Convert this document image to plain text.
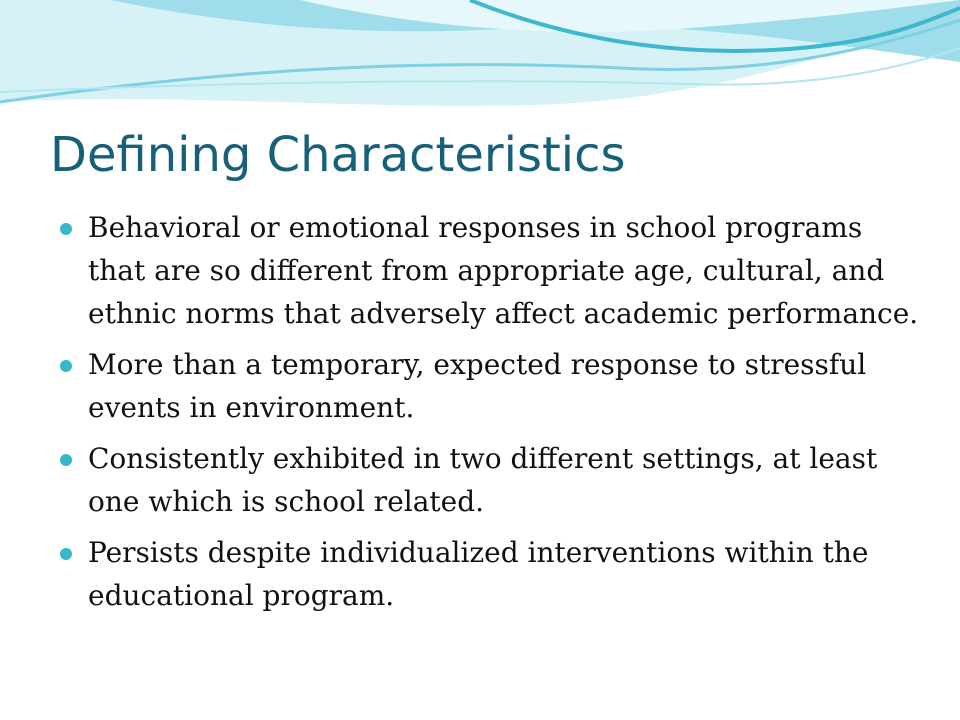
Defining Characteristics
Behavioral or emotional responses in school programs that are so different from appropriate age, cultural, and ethnic norms that adversely affect academic performance.
More than a temporary, expected response to stressful events in environment.
Consistently exhibited in two different settings, at least one which is school related.
Persists despite individualized interventions within the educational program.
